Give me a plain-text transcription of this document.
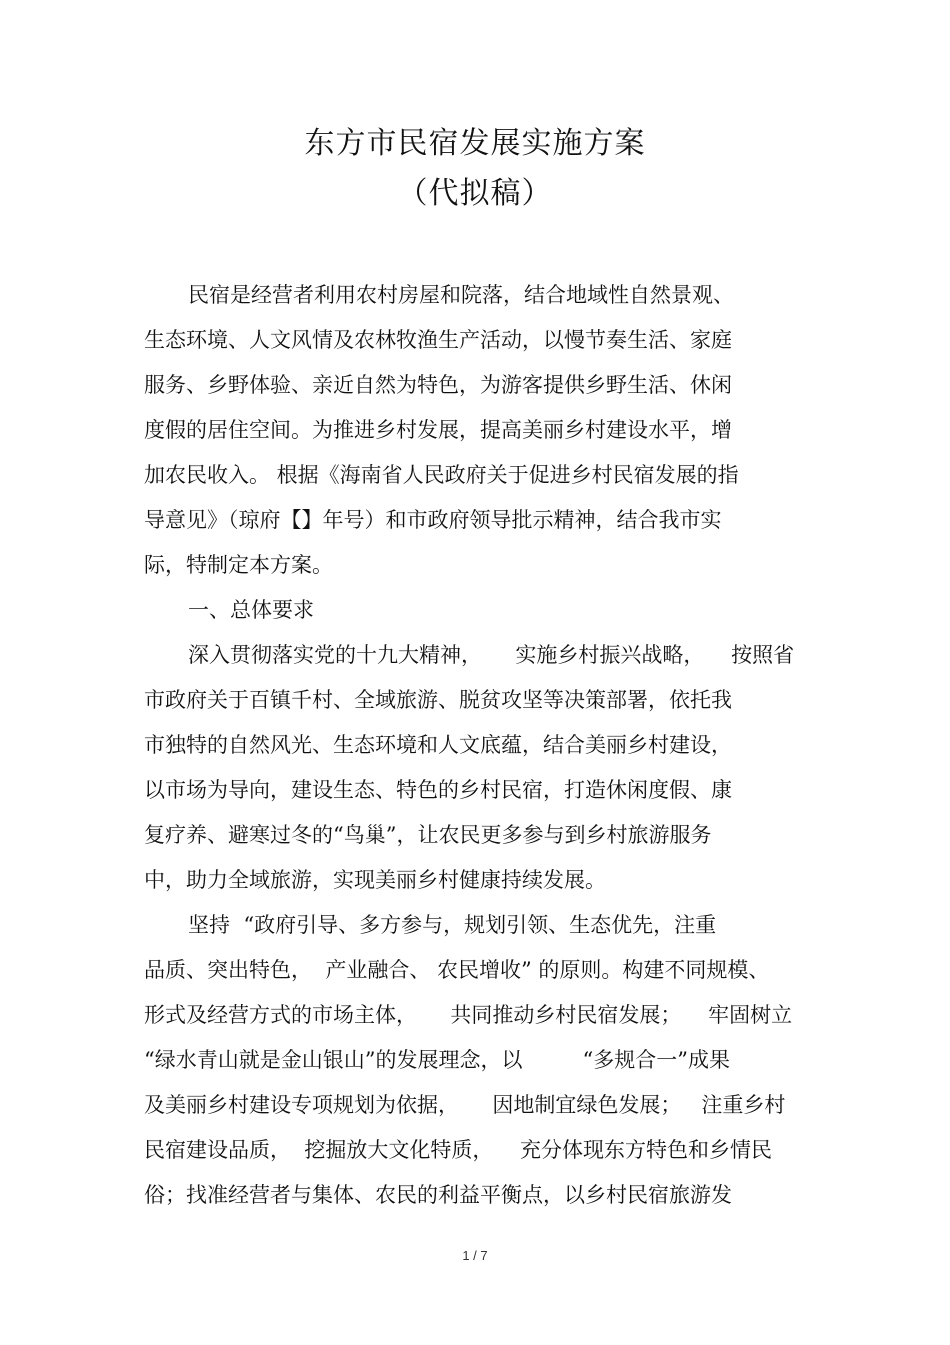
东方市民宿发展实施方案
（代拟稿）
民宿是经营者利用农村房屋和院落，结合地域性自然景观、
生态环境、人文风情及农林牧渔生产活动，以慢节奏生活、家庭
服务、乡野体验、亲近自然为特色，为游客提供乡野生活、休闲
度假的居住空间。为推进乡村发展，提高美丽乡村建设水平，增
加农民收入。 根据《海南省人民政府关于促进乡村民宿发展的指
导意见》（琼府【】年号）和市政府领导批示精神，结合我市实
际，特制定本方案。
一、总体要求
深入贯彻落实党的十九大精神，     实施乡村振兴战略，    按照省
市政府关于百镇千村、全域旅游、脱贫攻坚等决策部署，依托我
市独特的自然风光、生态环境和人文底蕴，结合美丽乡村建设，
以市场为导向，建设生态、特色的乡村民宿，打造休闲度假、康
复疗养、避寒过冬的“鸟巢”，让农民更多参与到乡村旅游服务
中，助力全域旅游，实现美丽乡村健康持续发展。
坚持  “政府引导、多方参与，规划引领、生态优先，注重
品质、突出特色，  产业融合、 农民增收” 的原则。构建不同规模、
形式及经营方式的市场主体，     共同推动乡村民宿发展；    牢固树立
“绿水青山就是金山银山”的发展理念，以         “多规合一”成果
及美丽乡村建设专项规划为依据，     因地制宜绿色发展；   注重乡村
民宿建设品质，  挖掘放大文化特质，    充分体现东方特色和乡情民
俗；找准经营者与集体、农民的利益平衡点，以乡村民宿旅游发
1 / 7
